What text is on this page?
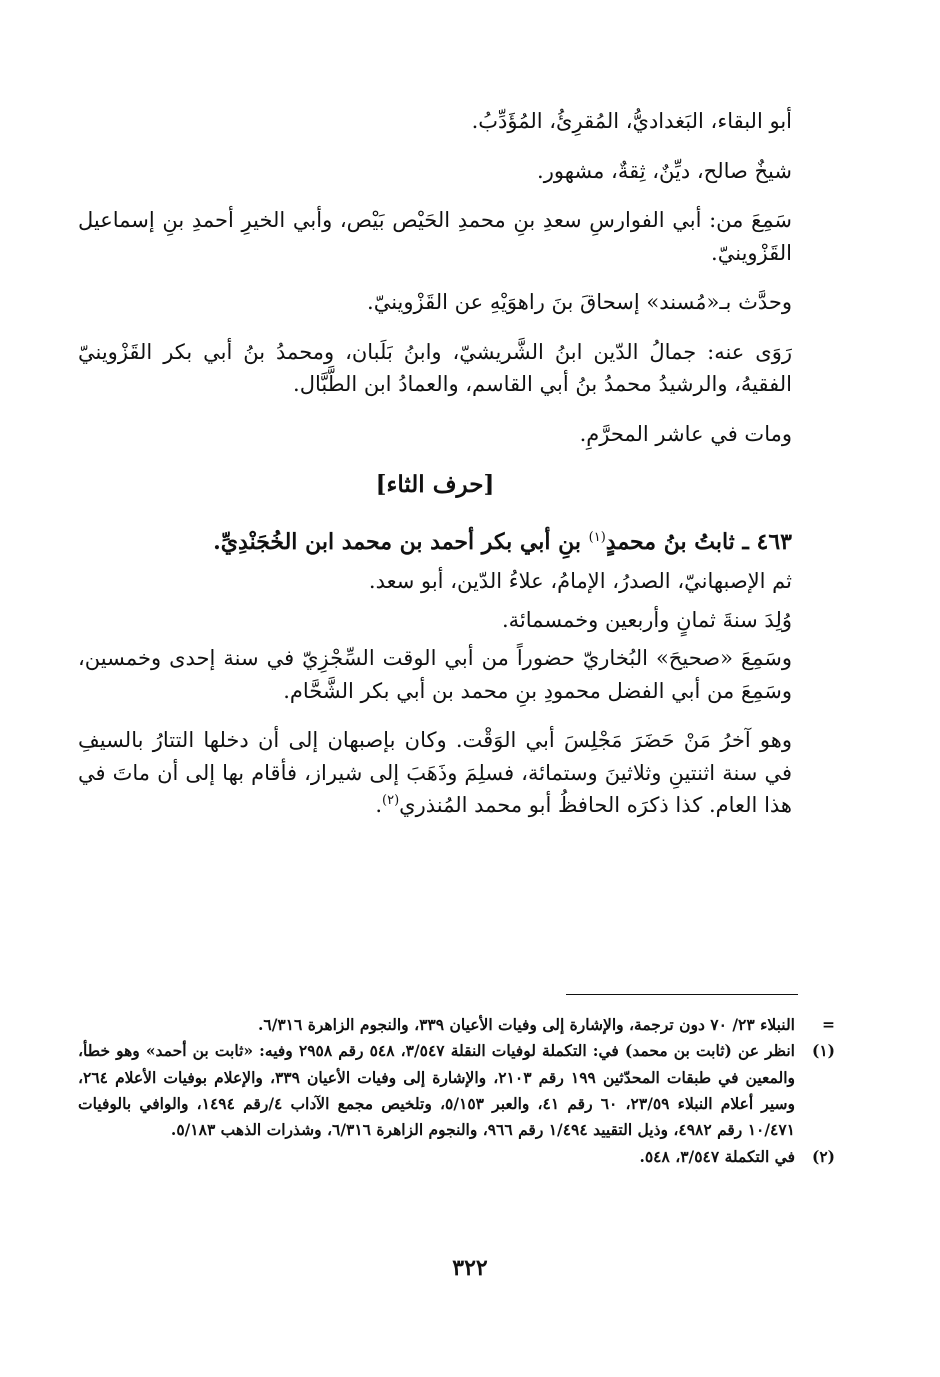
أبو البقاء، البَغداديُّ، المُقرِئُ، المُؤَدِّبُ.

شيخٌ صالح، ديِّنٌ، ثِقةٌ، مشهور.

سَمِعَ من: أبي الفوارسِ سعدِ بنِ محمدِ الحَيْص بَيْص، وأبي الخيرِ أحمدِ بنِ إسماعيل القَزْوينيّ.

وحدَّث بـ«مُسند» إسحاقَ بنَ راهوَيْهِ عن القَزْوينيّ.

رَوَى عنه: جمالُ الدّين ابنُ الشَّريشيّ، وابنُ بَلَبان، ومحمدُ بنُ أبي بكر القَزْوينيّ الفقيهُ، والرشيدُ محمدُ بنُ أبي القاسم، والعمادُ ابن الطَّبَّال.

ومات في عاشر المحرَّمِ.

[حرف الثاء]

٤٦٣ ـ ثابتُ بنُ محمدٍ$^{(١)}$ بنِ أبي بكر أحمد بن محمد ابن الخُجَنْدِيِّ.

ثم الإصبهانيّ، الصدرُ، الإمامُ، علاءُ الدّين، أبو سعد.

وُلِدَ سنةَ ثمانٍ وأربعين وخمسمائة.

وسَمِعَ «صحيحَ» البُخاريّ حضوراً من أبي الوقت السِّجْزِيّ في سنة إحدى وخمسين، وسَمِعَ من أبي الفضل محمودِ بنِ محمد بن أبي بكر الشَّحَّام.

وهو آخرُ مَنْ حَضَرَ مَجْلِسَ أبي الوَقْت. وكان بإصبهان إلى أن دخلها التتارُ بالسيفِ في سنة اثنتينِ وثلاثينَ وستمائة، فسلِمَ وذَهَبَ إلى شيراز، فأقام بها إلى أن ماتَ في هذا العام. كذا ذكرَه الحافظُ أبو محمد المُنذري$^{(٢)}$.

=
النبلاء ٢٣/ ٧٠ دون ترجمة، والإشارة إلى وفيات الأعيان ٣٣٩، والنجوم الزاهرة ٦/٣١٦.
(١)
انظر عن (ثابت بن محمد) في: التكملة لوفيات النقلة ٣/٥٤٧، ٥٤٨ رقم ٢٩٥٨ وفيه: «ثابت بن أحمد» وهو خطأ، والمعين في طبقات المحدّثين ١٩٩ رقم ٢١٠٣، والإشارة إلى وفيات الأعيان ٣٣٩، والإعلام بوفيات الأعلام ٢٦٤، وسير أعلام النبلاء ٢٣/٥٩، ٦٠ رقم ٤١، والعبر ٥/١٥٣، وتلخيص مجمع الآداب ٤/رقم ١٤٩٤، والوافي بالوفيات ١٠/٤٧١ رقم ٤٩٨٢، وذيل التقييد ١/٤٩٤ رقم ٩٦٦، والنجوم الزاهرة ٦/٣١٦، وشذرات الذهب ٥/١٨٣.
(٢)
في التكملة ٣/٥٤٧، ٥٤٨.
٣٢٢
